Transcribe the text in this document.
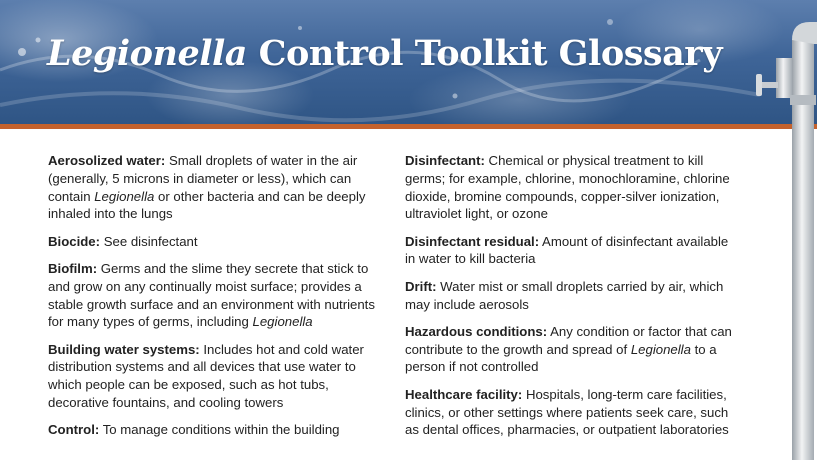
Legionella Control Toolkit Glossary

Aerosolized water: Small droplets of water in the air (generally, 5 microns in diameter or less), which can contain Legionella or other bacteria and can be deeply inhaled into the lungs

Biocide: See disinfectant

Biofilm: Germs and the slime they secrete that stick to and grow on any continually moist surface; provides a stable growth surface and an environment with nutrients for many types of germs, including Legionella

Building water systems: Includes hot and cold water distribution systems and all devices that use water to which people can be exposed, such as hot tubs, decorative fountains, and cooling towers

Control: To manage conditions within the building

Disinfectant: Chemical or physical treatment to kill germs; for example, chlorine, monochloramine, chlorine dioxide, bromine compounds, copper-silver ionization, ultraviolet light, or ozone

Disinfectant residual: Amount of disinfectant available in water to kill bacteria

Drift: Water mist or small droplets carried by air, which may include aerosols

Hazardous conditions: Any condition or factor that can contribute to the growth and spread of Legionella to a person if not controlled

Healthcare facility: Hospitals, long-term care facilities, clinics, or other settings where patients seek care, such as dental offices, pharmacies, or outpatient laboratories
